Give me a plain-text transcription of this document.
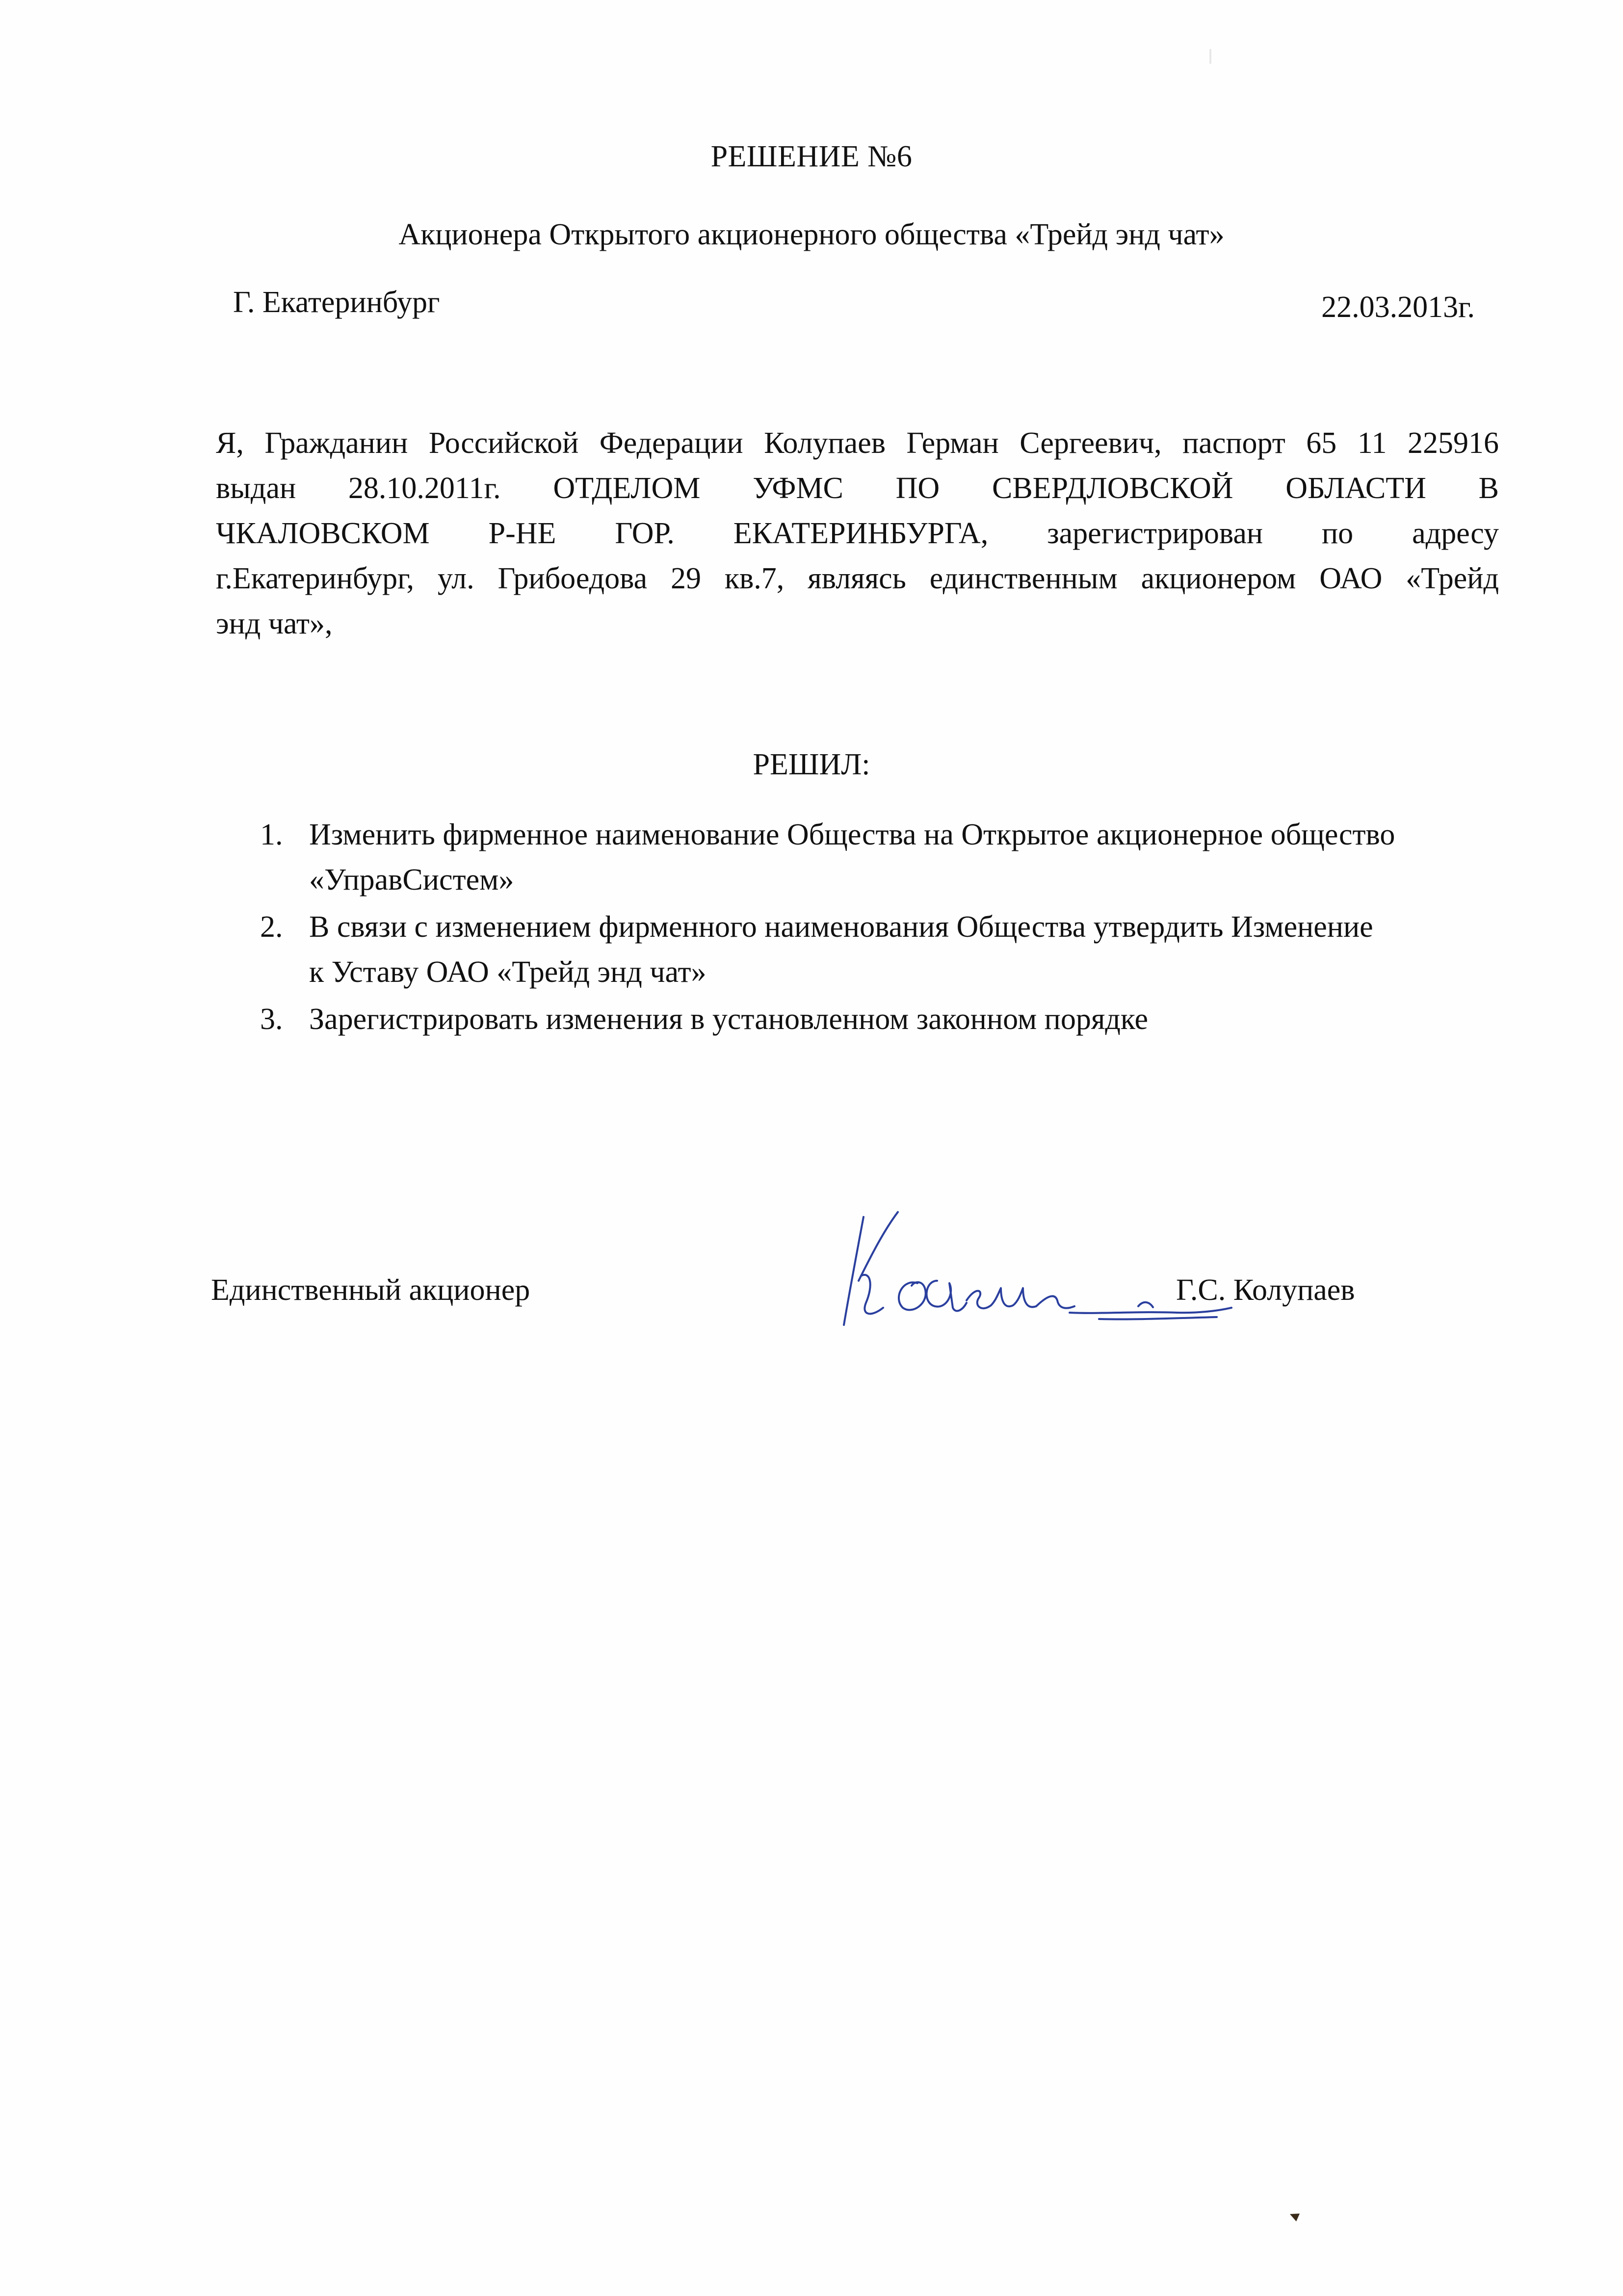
РЕШЕНИЕ №6
Акционера Открытого акционерного общества «Трейд энд чат»
Г. Екатеринбург	22.03.2013г.
Я, Гражданин Российской Федерации Колупаев Герман Сергеевич, паспорт 65 11 225916
выдан 28.10.2011г. ОТДЕЛОМ УФМС ПО СВЕРДЛОВСКОЙ ОБЛАСТИ В
ЧКАЛОВСКОМ Р-НЕ ГОР. ЕКАТЕРИНБУРГА, зарегистрирован по адресу
г.Екатеринбург, ул. Грибоедова 29 кв.7, являясь единственным акционером ОАО «Трейд
энд чат»,
РЕШИЛ:
1. Изменить фирменное наименование Общества на Открытое акционерное общество
«УправСистем»
2. В связи с изменением фирменного наименования Общества утвердить Изменение
к Уставу ОАО «Трейд энд чат»
3. Зарегистрировать изменения в установленном законном порядке
Единственный акционер	Г.С. Колупаев
